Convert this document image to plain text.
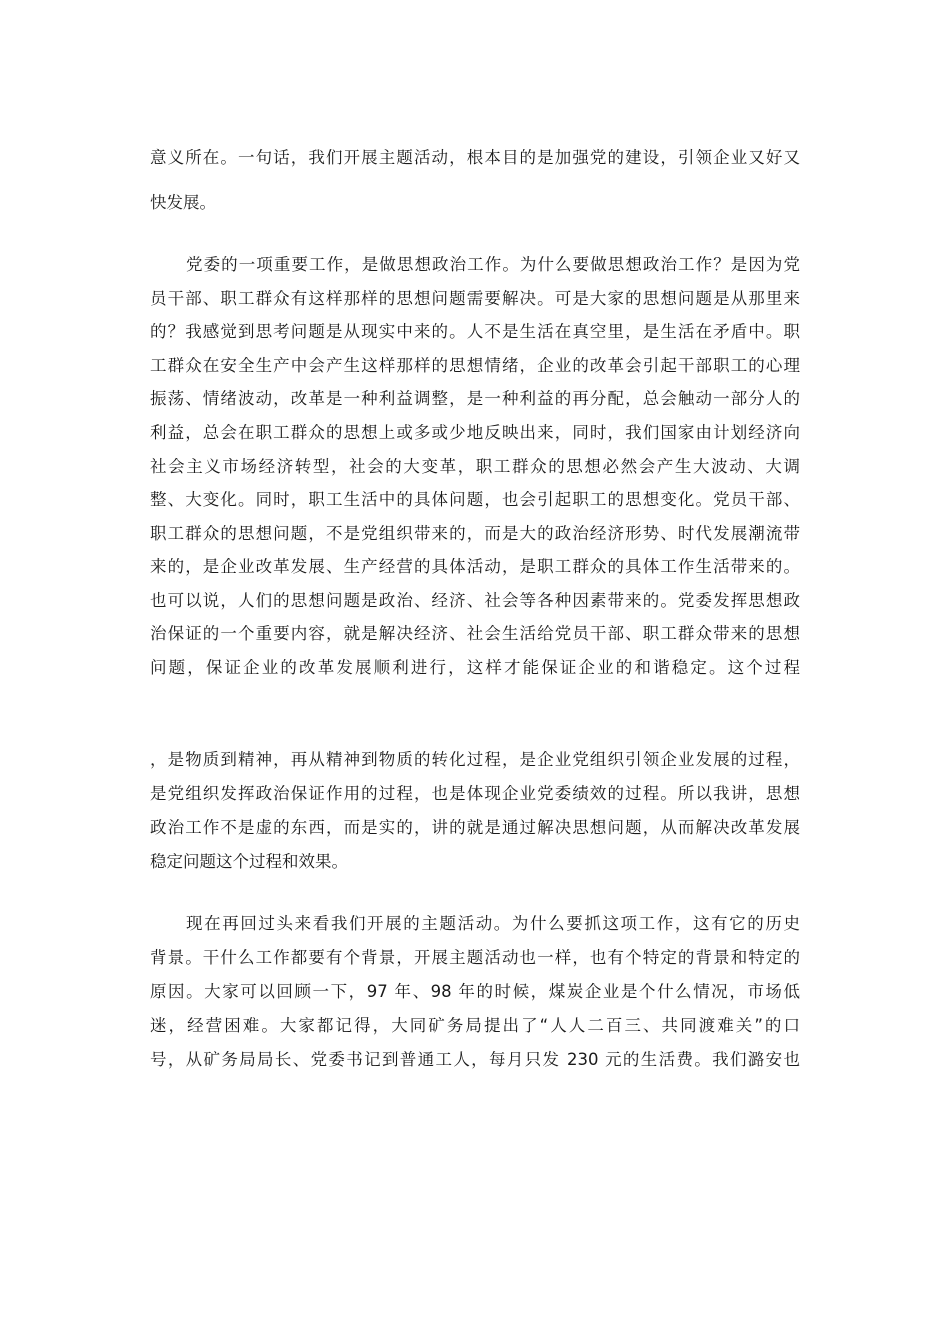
意义所在。一句话，我们开展主题活动，根本目的是加强党的建设，引领企业又好又
快发展。
党委的一项重要工作，是做思想政治工作。为什么要做思想政治工作？是因为党
员干部、职工群众有这样那样的思想问题需要解决。可是大家的思想问题是从那里来
的？我感觉到思考问题是从现实中来的。人不是生活在真空里，是生活在矛盾中。职
工群众在安全生产中会产生这样那样的思想情绪，企业的改革会引起干部职工的心理
振荡、情绪波动，改革是一种利益调整，是一种利益的再分配，总会触动一部分人的
利益，总会在职工群众的思想上或多或少地反映出来，同时，我们国家由计划经济向
社会主义市场经济转型，社会的大变革，职工群众的思想必然会产生大波动、大调
整、大变化。同时，职工生活中的具体问题，也会引起职工的思想变化。党员干部、
职工群众的思想问题，不是党组织带来的，而是大的政治经济形势、时代发展潮流带
来的，是企业改革发展、生产经营的具体活动，是职工群众的具体工作生活带来的。
也可以说，人们的思想问题是政治、经济、社会等各种因素带来的。党委发挥思想政
治保证的一个重要内容，就是解决经济、社会生活给党员干部、职工群众带来的思想
问题，保证企业的改革发展顺利进行，这样才能保证企业的和谐稳定。这个过程
，是物质到精神，再从精神到物质的转化过程，是企业党组织引领企业发展的过程，
是党组织发挥政治保证作用的过程，也是体现企业党委绩效的过程。所以我讲，思想
政治工作不是虚的东西，而是实的，讲的就是通过解决思想问题，从而解决改革发展
稳定问题这个过程和效果。
现在再回过头来看我们开展的主题活动。为什么要抓这项工作，这有它的历史
背景。干什么工作都要有个背景，开展主题活动也一样，也有个特定的背景和特定的
原因。大家可以回顾一下，97 年、98 年的时候，煤炭企业是个什么情况，市场低
迷，经营困难。大家都记得，大同矿务局提出了“人人二百三、共同渡难关”的口
号，从矿务局局长、党委书记到普通工人，每月只发 230 元的生活费。我们潞安也
